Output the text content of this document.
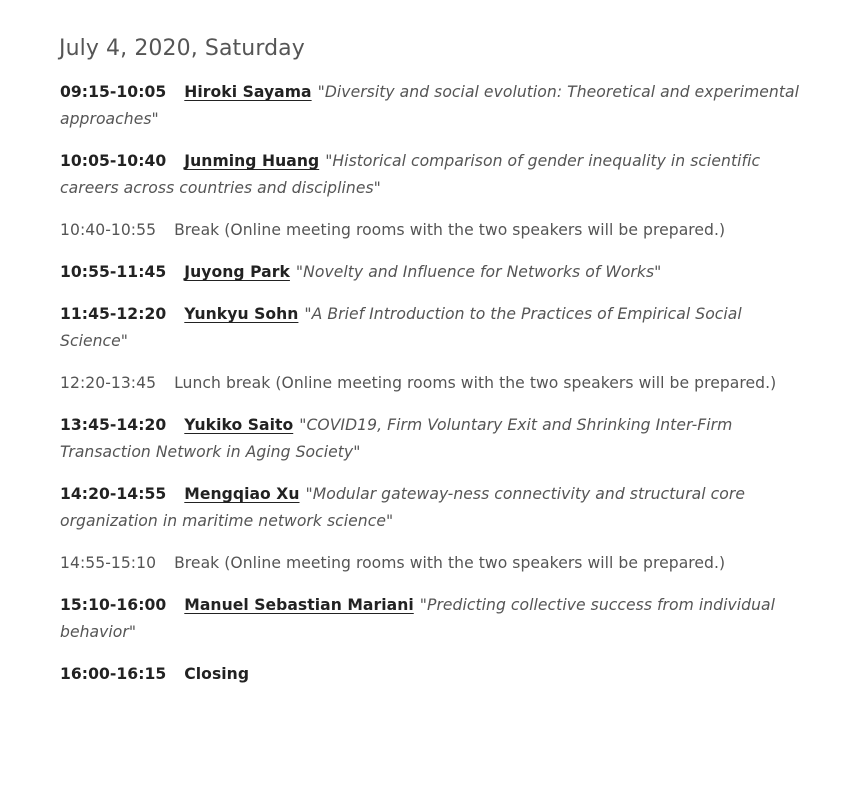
July 4, 2020, Saturday
09:15-10:05 Hiroki Sayama "Diversity and social evolution: Theoretical and experimental approaches"
10:05-10:40 Junming Huang "Historical comparison of gender inequality in scientific careers across countries and disciplines"
10:40-10:55 Break (Online meeting rooms with the two speakers will be prepared.)
10:55-11:45 Juyong Park "Novelty and Influence for Networks of Works"
11:45-12:20 Yunkyu Sohn "A Brief Introduction to the Practices of Empirical Social Science"
12:20-13:45 Lunch break (Online meeting rooms with the two speakers will be prepared.)
13:45-14:20 Yukiko Saito "COVID19, Firm Voluntary Exit and Shrinking Inter-Firm Transaction Network in Aging Society"
14:20-14:55 Mengqiao Xu "Modular gateway-ness connectivity and structural core organization in maritime network science"
14:55-15:10 Break (Online meeting rooms with the two speakers will be prepared.)
15:10-16:00 Manuel Sebastian Mariani "Predicting collective success from individual behavior"
16:00-16:15 Closing
